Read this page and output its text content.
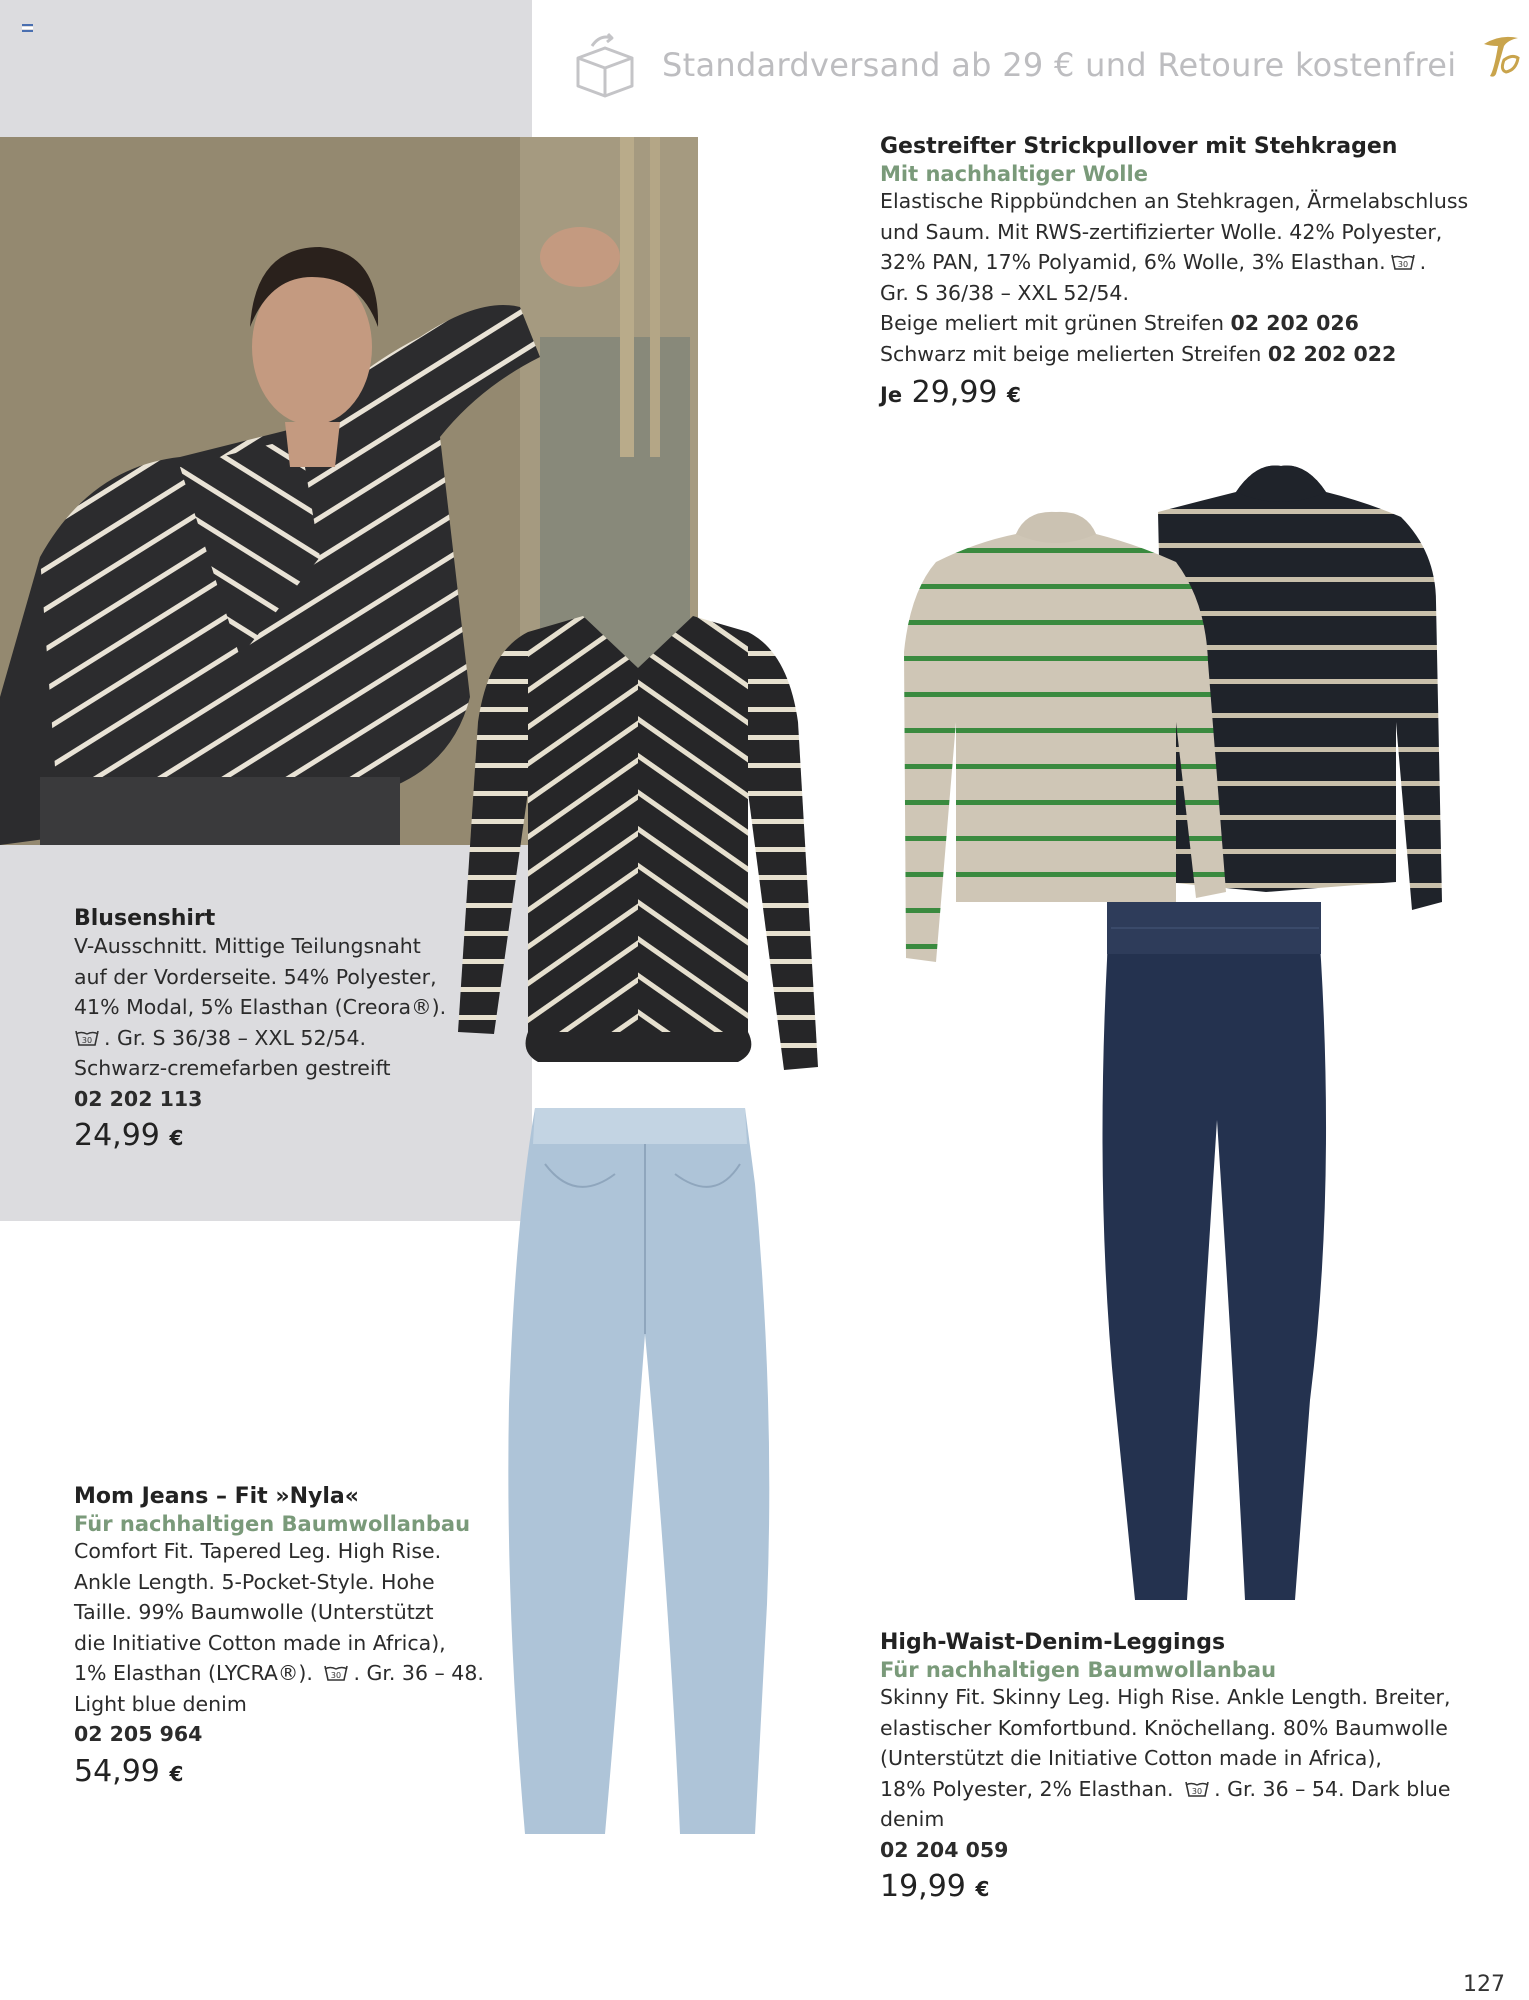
Standardversand ab 29 € und Retoure kostenfrei

Gestreifter Strickpullover mit Stehkragen

Mit nachhaltiger Wolle

Elastische Rippbündchen an Stehkragen, Ärmelabschluss

und Saum. Mit RWS-zertifizierter Wolle. 42% Polyester,

32% PAN, 17% Polyamid, 6% Wolle, 3% Elasthan. 30 .

Gr. S 36/38 – XXL 52/54.

Beige meliert mit grünen Streifen 02 202 026

Schwarz mit beige melierten Streifen 02 202 022

Je 29,99 €

Blusenshirt

V-Ausschnitt. Mittige Teilungsnaht

auf der Vorderseite. 54% Polyester,

41% Modal, 5% Elasthan (Creora®).

30 . Gr. S 36/38 – XXL 52/54.

Schwarz-cremefarben gestreift

02 202 113

24,99 €

Mom Jeans – Fit »Nyla«

Für nachhaltigen Baumwollanbau

Comfort Fit. Tapered Leg. High Rise.

Ankle Length. 5-Pocket-Style. Hohe

Taille. 99% Baumwolle (Unterstützt

die Initiative Cotton made in Africa),

1% Elasthan (LYCRA®). 30 . Gr. 36 – 48.

Light blue denim

02 205 964

54,99 €

High-Waist-Denim-Leggings

Für nachhaltigen Baumwollanbau

Skinny Fit. Skinny Leg. High Rise. Ankle Length. Breiter,

elastischer Komfortbund. Knöchellang. 80% Baumwolle

(Unterstützt die Initiative Cotton made in Africa),

18% Polyester, 2% Elasthan. 30 . Gr. 36 – 54. Dark blue

denim

02 204 059

19,99 €

127
